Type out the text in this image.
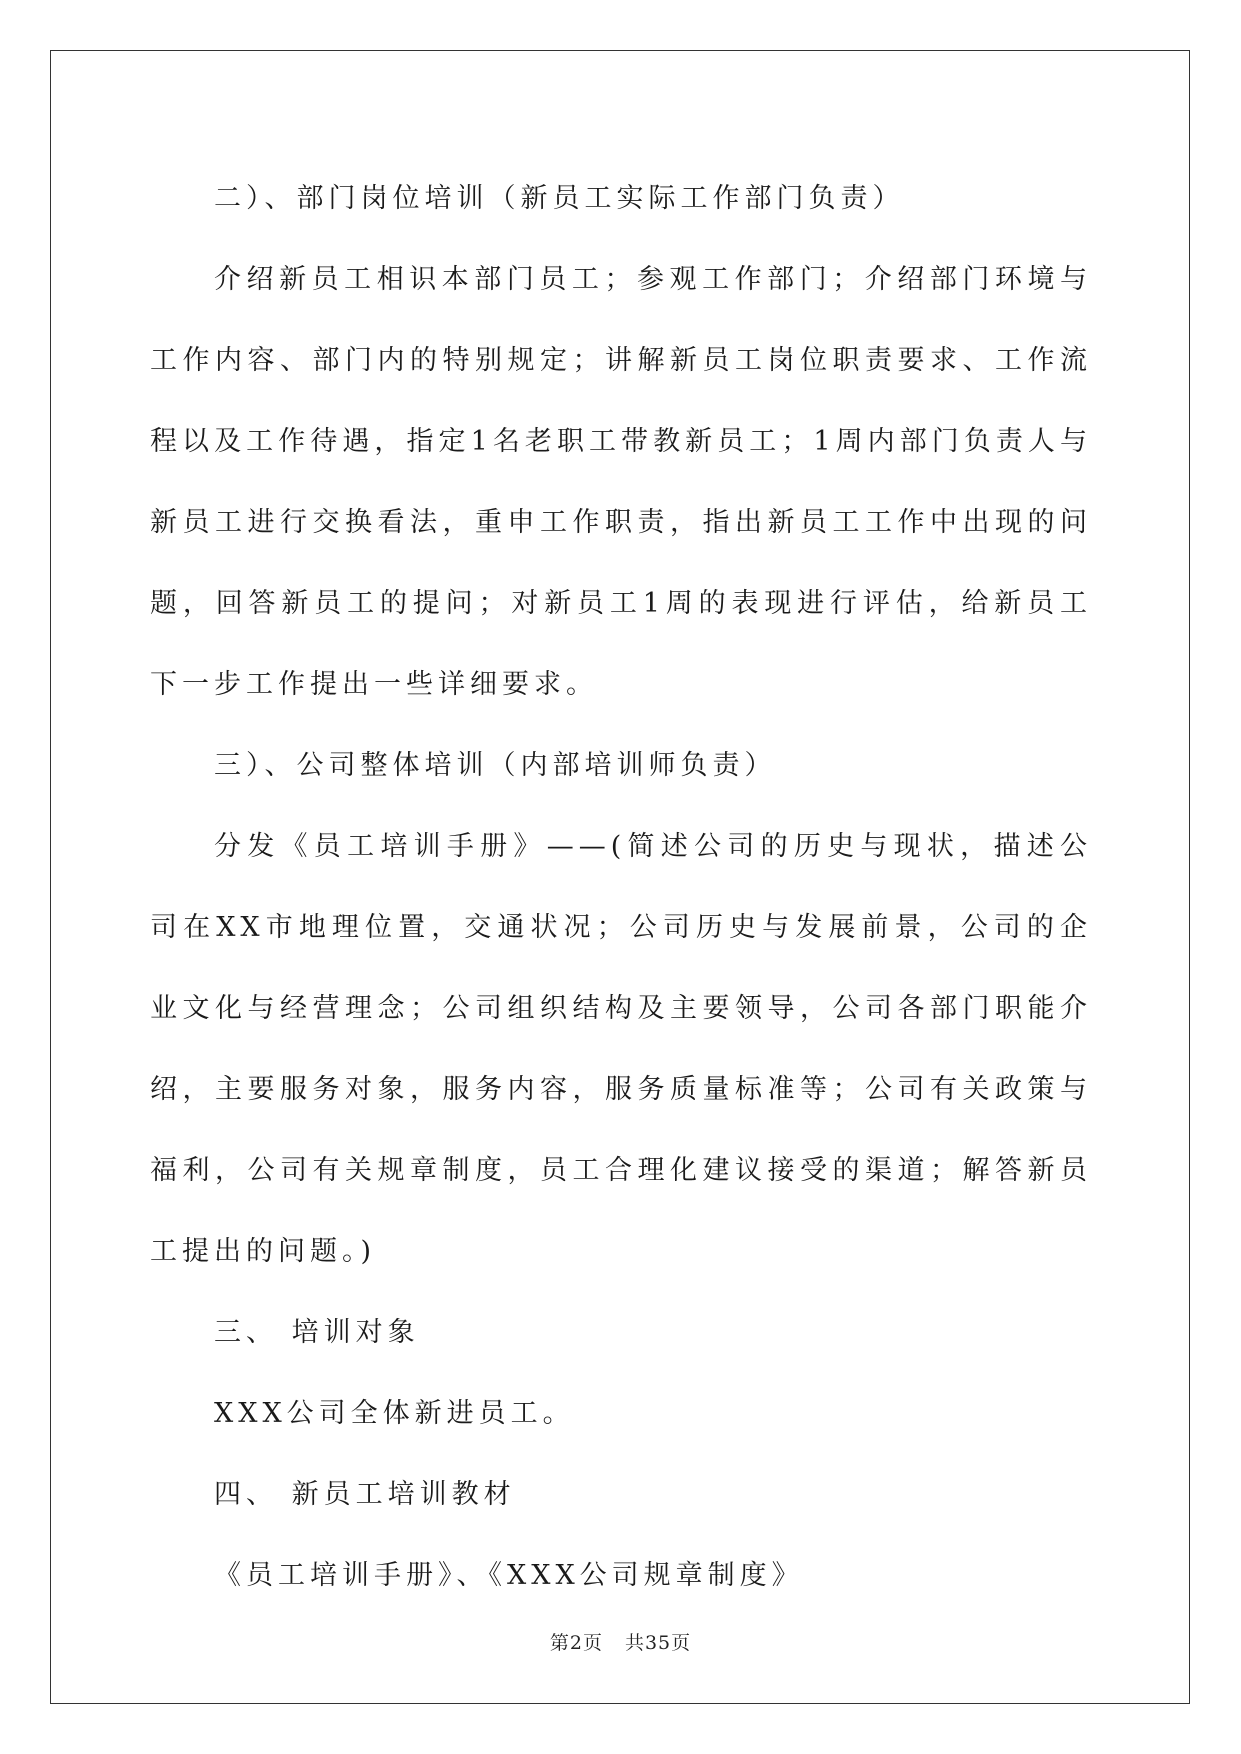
二）、部门岗位培训（新员工实际工作部门负责）

介绍新员工相识本部门员工；参观工作部门；介绍部门环境与工作内容、部门内的特别规定；讲解新员工岗位职责要求、工作流程以及工作待遇，指定1名老职工带教新员工；1周内部门负责人与新员工进行交换看法，重申工作职责，指出新员工工作中出现的问题，回答新员工的提问；对新员工1周的表现进行评估，给新员工下一步工作提出一些详细要求。

三）、公司整体培训（内部培训师负责）

分发《员工培训手册》——(简述公司的历史与现状，描述公司在XX市地理位置，交通状况；公司历史与发展前景，公司的企业文化与经营理念；公司组织结构及主要领导，公司各部门职能介绍，主要服务对象，服务内容，服务质量标准等；公司有关政策与福利，公司有关规章制度，员工合理化建议接受的渠道；解答新员工提出的问题。)

三、 培训对象

XXX公司全体新进员工。

四、 新员工培训教材

《员工培训手册》、《XXX公司规章制度》

第2页 共35页
